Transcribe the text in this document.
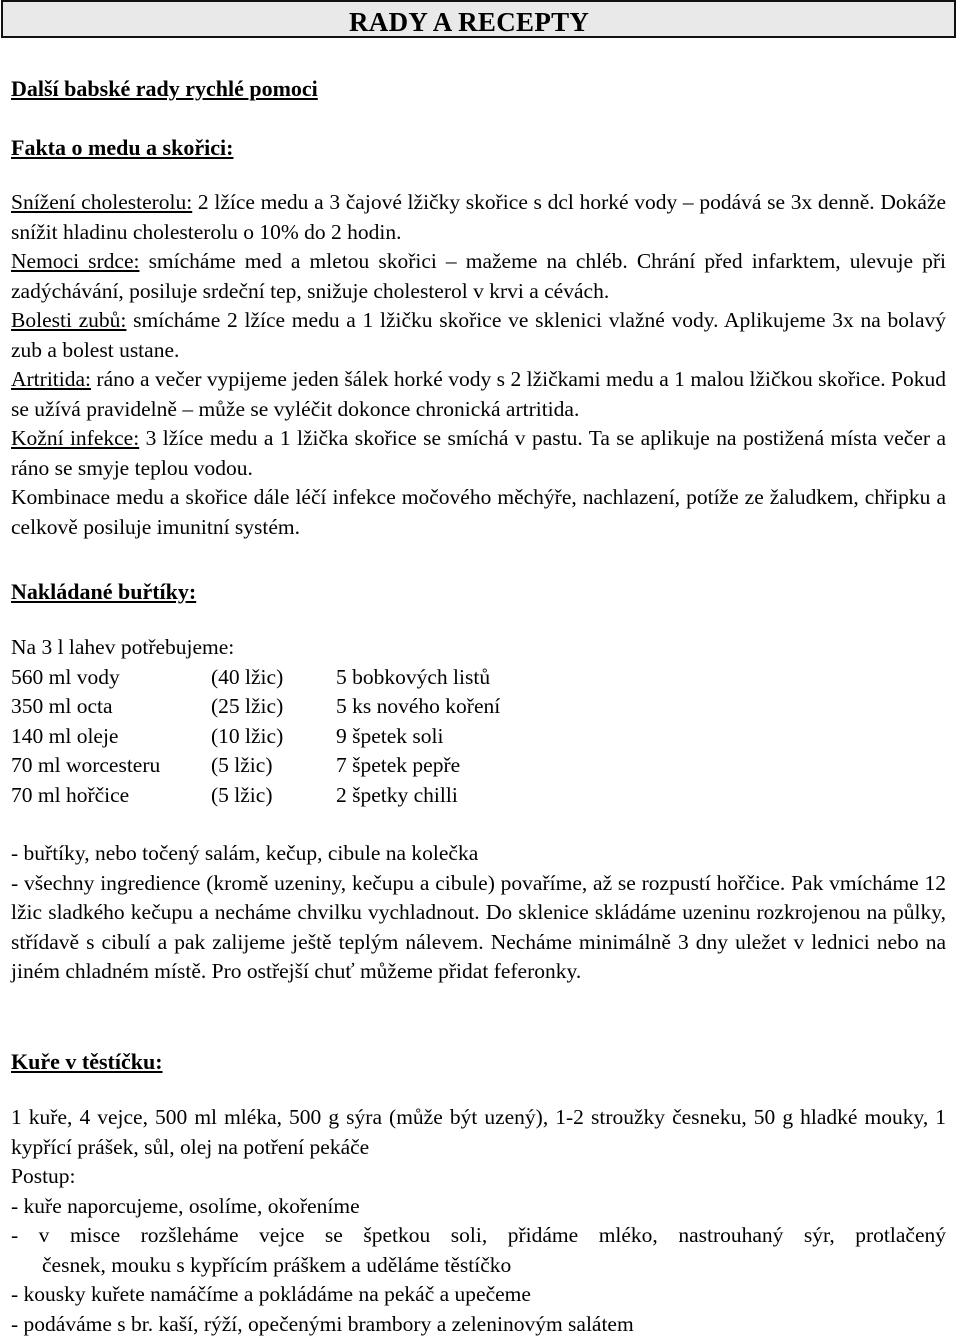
RADY A RECEPTY
Další babské rady rychlé pomoci
Fakta o medu a skořici:

Snížení cholesterolu: 2 lžíce medu a 3 čajové lžičky skořice s dcl horké vody – podává se 3x denně. Dokáže snížit hladinu cholesterolu o 10% do 2 hodin.

Nemoci srdce: smícháme med a mletou skořici – mažeme na chléb. Chrání před infarktem, ulevuje při zadýchávání, posiluje srdeční tep, snižuje cholesterol v krvi a cévách.

Bolesti zubů: smícháme 2 lžíce medu a 1 lžičku skořice ve sklenici vlažné vody. Aplikujeme 3x na bolavý zub a bolest ustane.

Artritida: ráno a večer vypijeme jeden šálek horké vody s 2 lžičkami medu a 1 malou lžičkou skořice. Pokud se užívá pravidelně – může se vyléčit dokonce chronická artritida.

Kožní infekce: 3 lžíce medu a 1 lžička skořice se smíchá v pastu. Ta se aplikuje na postižená místa večer a ráno se smyje teplou vodou.

Kombinace medu a skořice dále léčí infekce močového měchýře, nachlazení, potíže ze žaludkem, chřipku a celkově posiluje imunitní systém.

Nakládané buřtíky:

Na 3 l lahev potřebujeme:

560 ml vody	(40 lžic)	5 bobkových listů
350 ml octa	(25 lžic)	5 ks nového koření
140 ml oleje	(10 lžic)	9 špetek soli
70 ml worcesteru	(5 lžic)	7 špetek pepře
70 ml hořčice	(5 lžic)	2 špetky chilli

- buřtíky, nebo točený salám, kečup, cibule na kolečka

- všechny ingredience (kromě uzeniny, kečupu a cibule) povaříme, až se rozpustí hořčice. Pak vmícháme 12 lžic sladkého kečupu a necháme chvilku vychladnout. Do sklenice skládáme uzeninu rozkrojenou na půlky, střídavě s cibulí a pak zalijeme ještě teplým nálevem. Necháme minimálně 3 dny uležet v lednici nebo na jiném chladném místě. Pro ostřejší chuť můžeme přidat feferonky.

Kuře v těstíčku:

1 kuře, 4 vejce, 500 ml mléka, 500 g sýra (může být uzený), 1-2 stroužky česneku, 50 g hladké mouky, 1 kypřící prášek, sůl, olej na potření pekáče

Postup:

- kuře naporcujeme, osolíme, okořeníme

- v misce rozšleháme vejce se špetkou soli, přidáme mléko, nastrouhaný sýr, protlačený

česnek, mouku s kypřícím práškem a uděláme těstíčko

- kousky kuřete namáčíme a pokládáme na pekáč a upečeme

- podáváme s br. kaší, rýží, opečenými brambory a zeleninovým salátem
